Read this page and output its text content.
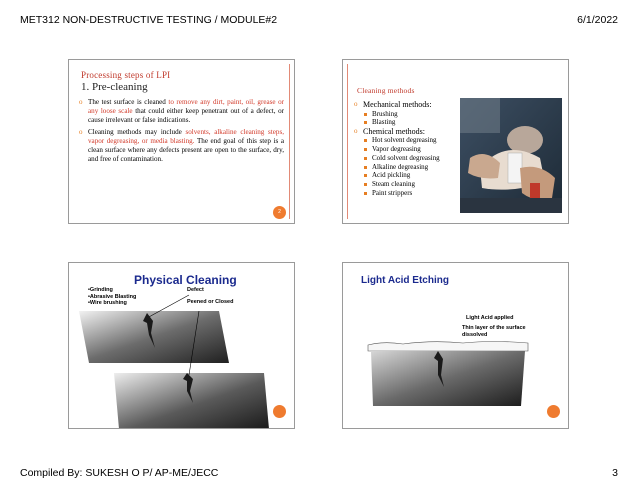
MET312 NON-DESTRUCTIVE TESTING / MODULE#2	6/1/2022
Compiled By: SUKESH O P/ AP-ME/JECC	3
Processing steps of LPI
1. Pre-cleaning
o The test surface is cleaned to remove any dirt, paint, oil, grease or any loose scale that could either keep penetrant out of a defect, or cause irrelevant or false indications.
o Cleaning methods may include solvents, alkaline cleaning steps, vapor degreasing, or media blasting. The end goal of this step is a clean surface where any defects present are open to the surface, dry, and free of contamination.
2
Cleaning methods
o Mechanical methods:
Brushing
Blasting
o Chemical methods:
Hot solvent degreasing
Vapor degreasing
Cold solvent degreasing
Alkaline degreasing
Acid pickling
Steam cleaning
Paint strippers
Physical Cleaning
•Grinding
•Abrasive Blasting
•Wire brushing
Defect
Peened or Closed
Light Acid Etching
Light Acid applied
Thin layer of the surface dissolved
